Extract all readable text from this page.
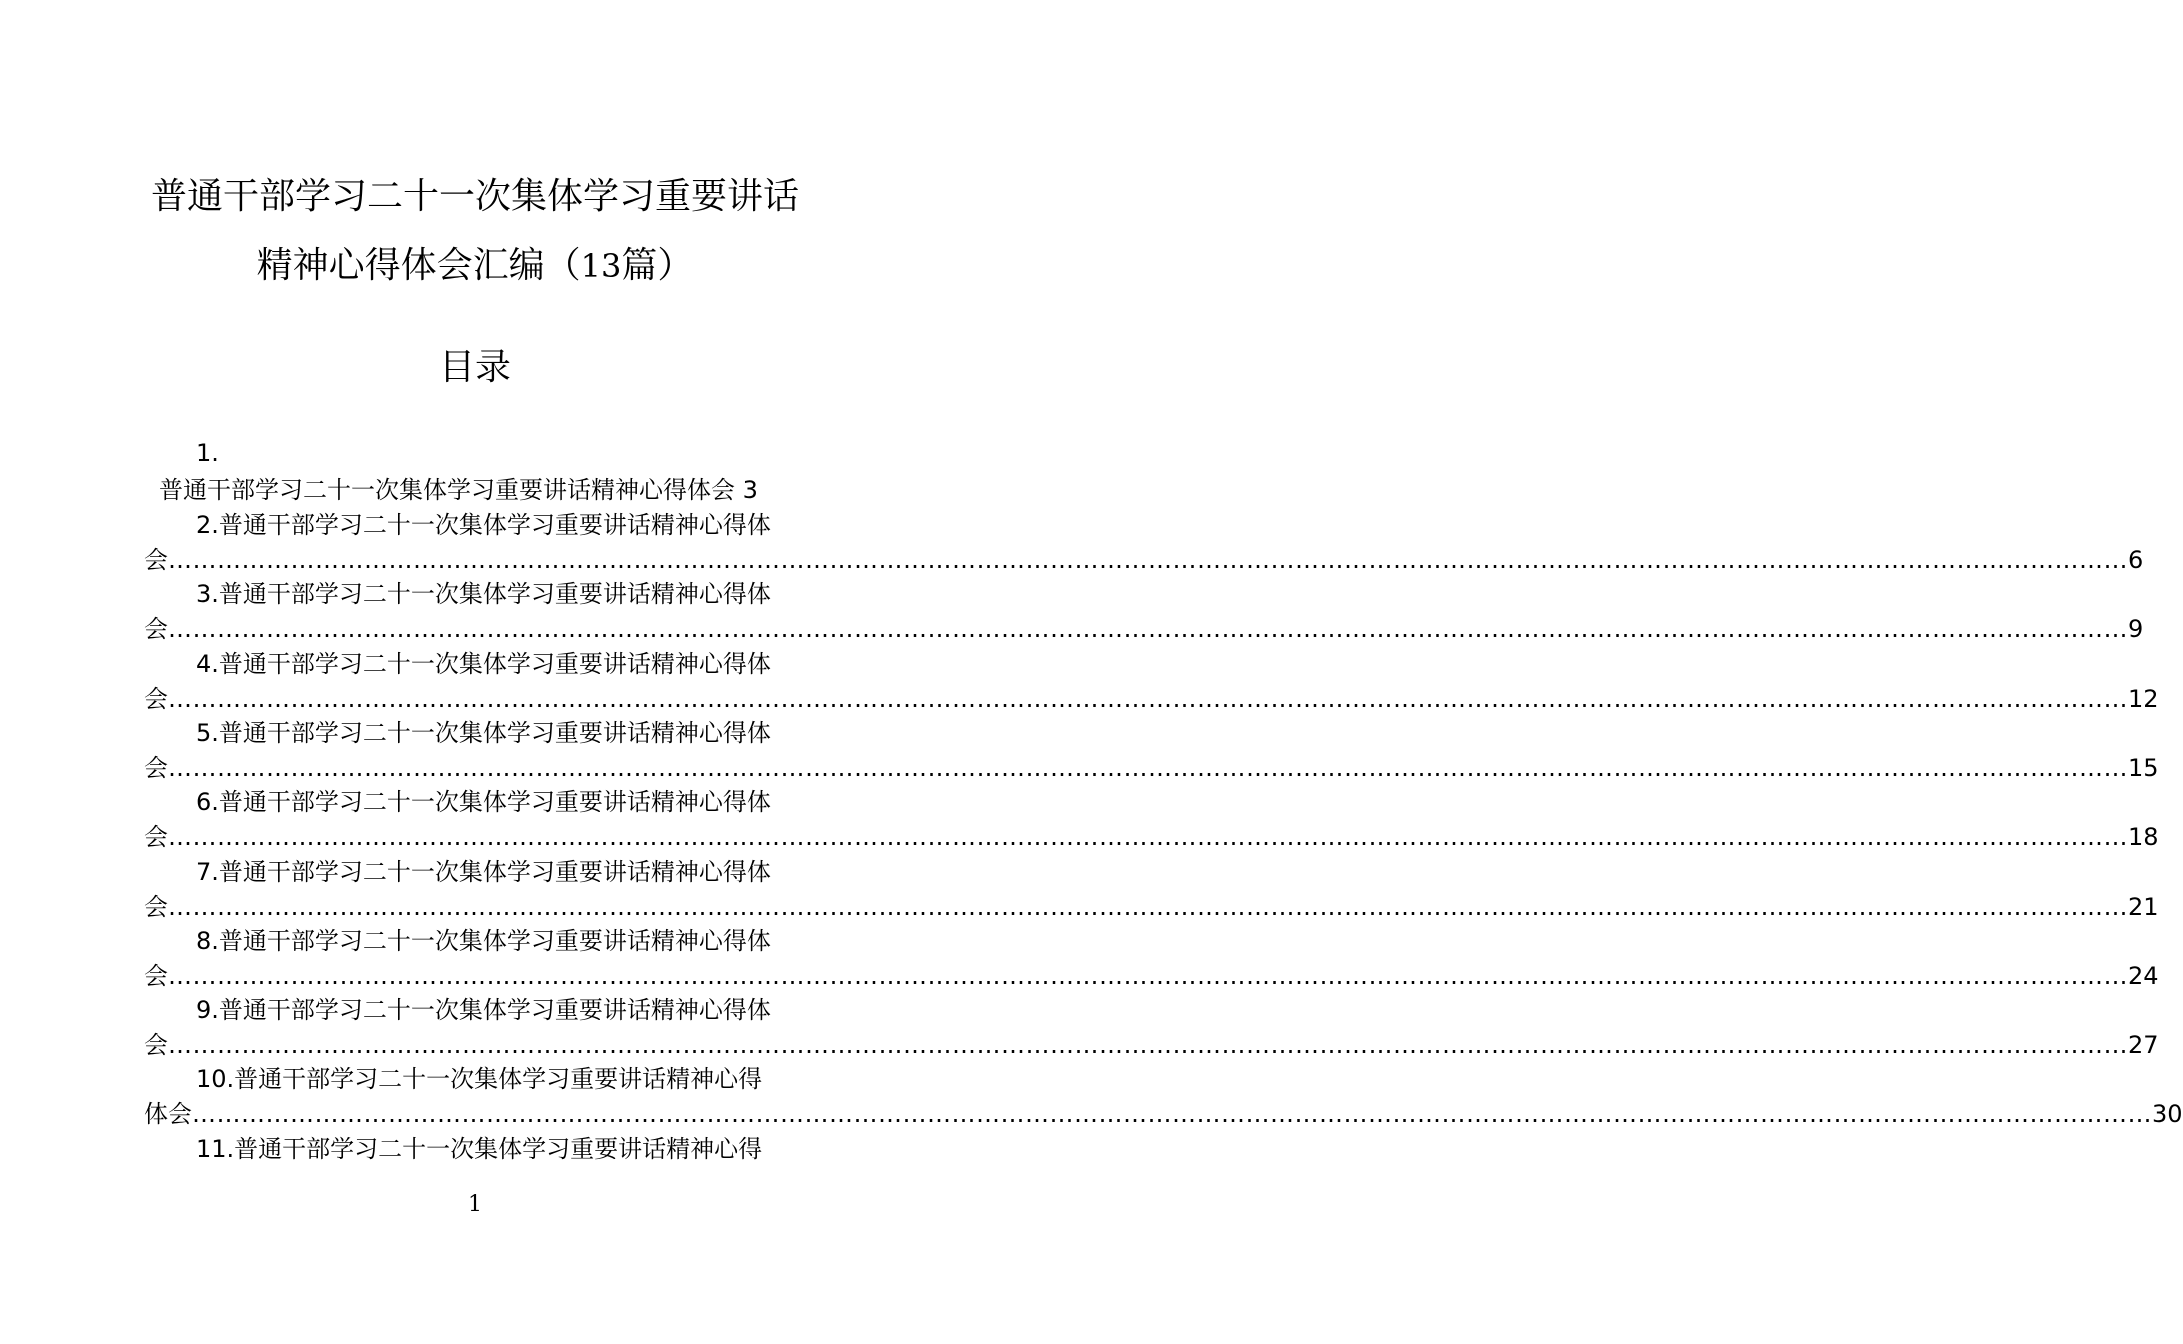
普通干部学习二十一次集体学习重要讲话
精神心得体会汇编（13篇）
目录
1.
普通干部学习二十一次集体学习重要讲话精神心得体会 3
2.普通干部学习二十一次集体学习重要讲话精神心得体
会 …………………………………………………………………………………………………………………………………………………………………………………………………………………… 6
3.普通干部学习二十一次集体学习重要讲话精神心得体
会 …………………………………………………………………………………………………………………………………………………………………………………………………………………… 9
4.普通干部学习二十一次集体学习重要讲话精神心得体
会 …………………………………………………………………………………………………………………………………………………………………………………………………………………… 12
5.普通干部学习二十一次集体学习重要讲话精神心得体
会 …………………………………………………………………………………………………………………………………………………………………………………………………………………… 15
6.普通干部学习二十一次集体学习重要讲话精神心得体
会 …………………………………………………………………………………………………………………………………………………………………………………………………………………… 18
7.普通干部学习二十一次集体学习重要讲话精神心得体
会 …………………………………………………………………………………………………………………………………………………………………………………………………………………… 21
8.普通干部学习二十一次集体学习重要讲话精神心得体
会 …………………………………………………………………………………………………………………………………………………………………………………………………………………… 24
9.普通干部学习二十一次集体学习重要讲话精神心得体
会 …………………………………………………………………………………………………………………………………………………………………………………………………………………… 27
10.普通干部学习二十一次集体学习重要讲话精神心得
体会 …………………………………………………………………………………………………………………………………………………………………………………………………………………… 30
11.普通干部学习二十一次集体学习重要讲话精神心得
1
